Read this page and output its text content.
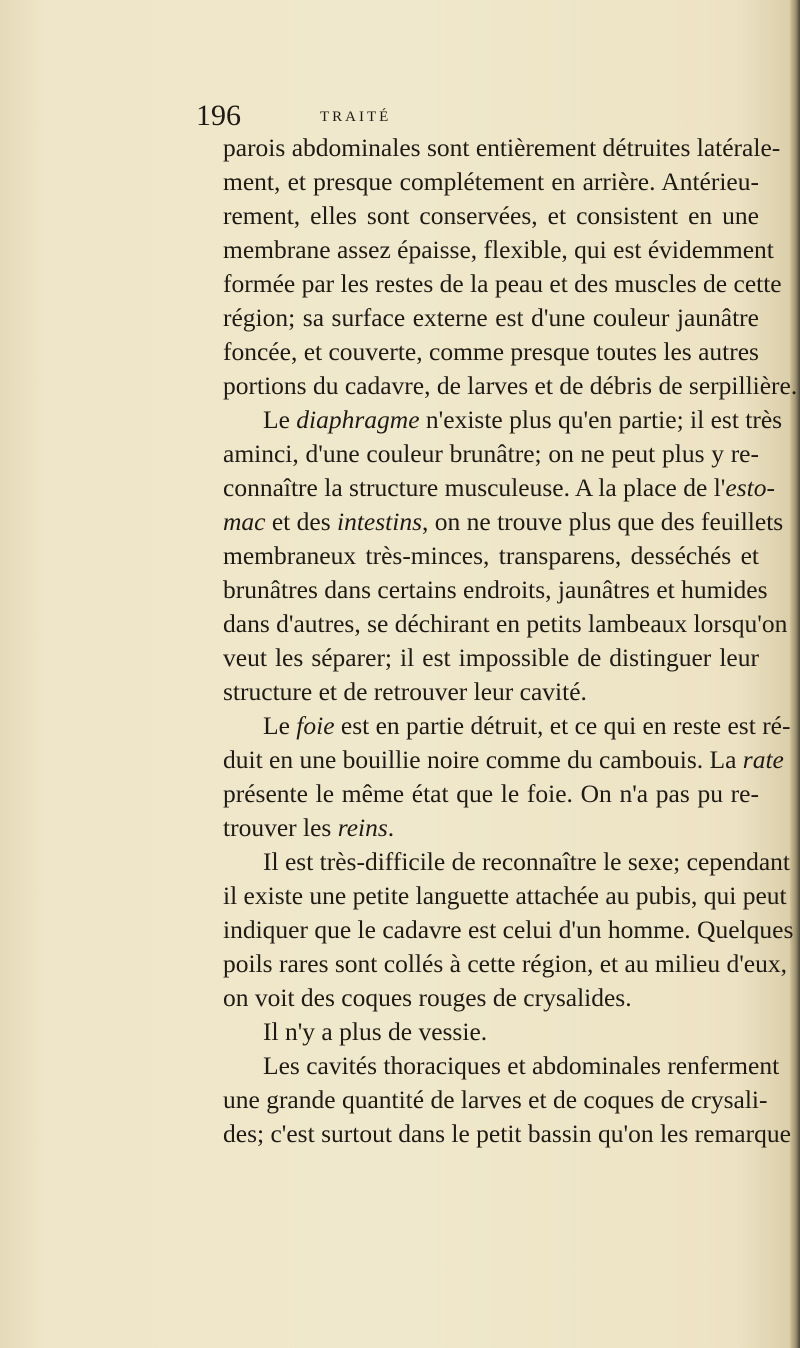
196	TRAITÉ
parois abdominales sont entièrement détruites latérale-
ment, et presque complétement en arrière. Antérieu-
rement, elles sont conservées, et consistent en une
membrane assez épaisse, flexible, qui est évidemment
formée par les restes de la peau et des muscles de cette
région; sa surface externe est d'une couleur jaunâtre
foncée, et couverte, comme presque toutes les autres
portions du cadavre, de larves et de débris de serpillière.
Le diaphragme n'existe plus qu'en partie; il est très
aminci, d'une couleur brunâtre; on ne peut plus y re-
connaître la structure musculeuse. A la place de l'esto-
mac et des intestins, on ne trouve plus que des feuillets
membraneux très-minces, transparens, desséchés et
brunâtres dans certains endroits, jaunâtres et humides
dans d'autres, se déchirant en petits lambeaux lorsqu'on
veut les séparer; il est impossible de distinguer leur
structure et de retrouver leur cavité.
Le foie est en partie détruit, et ce qui en reste est ré-
duit en une bouillie noire comme du cambouis. La rate
présente le même état que le foie. On n'a pas pu re-
trouver les reins.
Il est très-difficile de reconnaître le sexe; cependant
il existe une petite languette attachée au pubis, qui peut
indiquer que le cadavre est celui d'un homme. Quelques
poils rares sont collés à cette région, et au milieu d'eux,
on voit des coques rouges de crysalides.
Il n'y a plus de vessie.
Les cavités thoraciques et abdominales renferment
une grande quantité de larves et de coques de crysali-
des; c'est surtout dans le petit bassin qu'on les remarque
